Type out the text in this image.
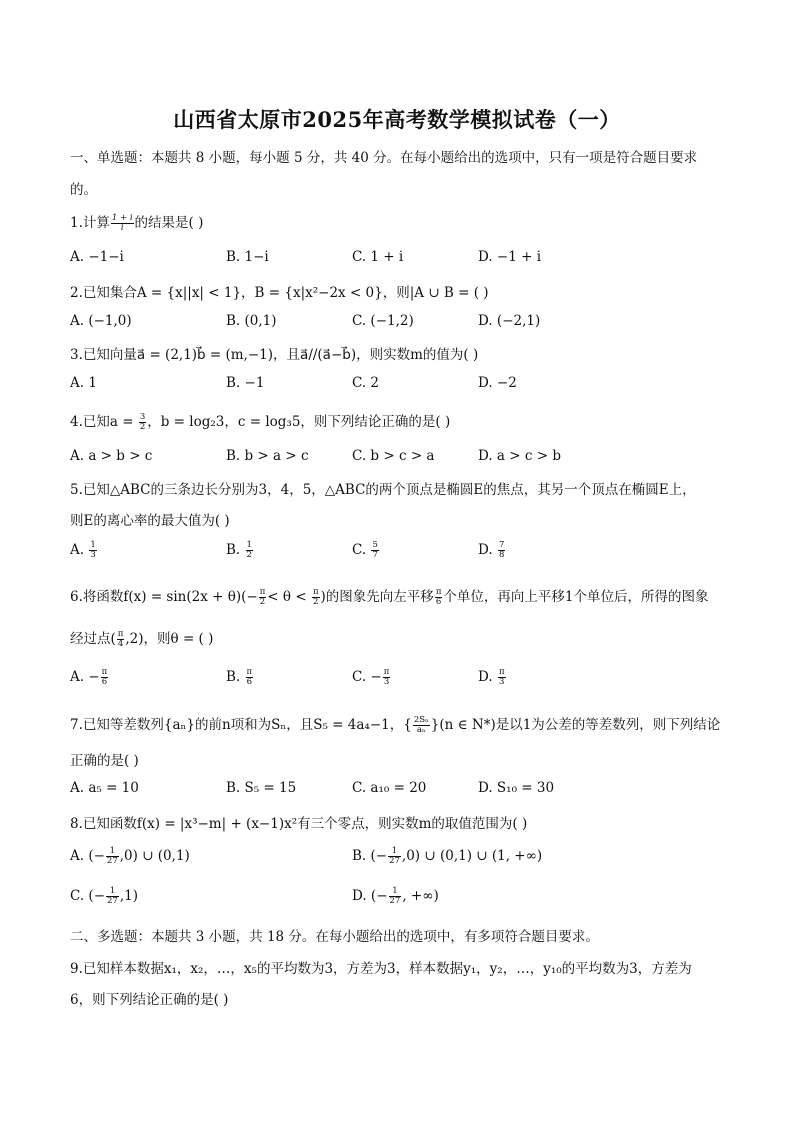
山西省太原市2025年高考数学模拟试卷（一）
一、单选题：本题共 8 小题，每小题 5 分，共 40 分。在每小题给出的选项中，只有一项是符合题目要求
的。
1.计算 $\frac{1 + i}{i}$ 的结果是( )
A. −1−i	B. 1−i	C. 1 + i	D. −1 + i
2.已知集合A = {x||x| < 1}，B = {x|x²−2x < 0}，则|A ∪ B = ( )
A. (−1,0)	B. (0,1)	C. (−1,2)	D. (−2,1)
3.已知向量a⃗ = (2,1)b⃗ = (m,−1)，且a⃗//(a⃗−b⃗)，则实数m的值为( )
A. 1	B. −1	C. 2	D. −2
4.已知$a = \frac{3}{2}$ ，b = log₂3，c = log₃5，则下列结论正确的是( )
A. a > b > c	B. b > a > c	C. b > c > a	D. a > c > b
5.已知△ABC的三条边长分别为3，4，5，△ABC的两个顶点是椭圆E的焦点，其另一个顶点在椭圆E上，
则E的离心率的最大值为( )
A. $\frac{1}{3}$	B. $\frac{1}{2}$	C. $\frac{5}{7}$	D. $\frac{7}{8}$
6.将函数$f(x) = \sin(2x + \theta)(- \frac{\pi}{2} < \theta < \frac{\pi}{2}$ )的图象先向左平移 $\frac{\pi}{6}$ 个单位，再向上平移1个单位后，所得的图象
经过点( $\frac{\pi}{4} ,2$)，则θ = ( )
A. − $\frac{\pi}{6}$	B. $\frac{\pi}{6}$	C. − $\frac{\pi}{3}$	D. $\frac{\pi}{3}$
7.已知等差数列{aₙ}的前n项和为Sₙ，且S₅ = 4a₄−1，{ $\frac{\text{2Sₙ}}{\text{aₙ}} \}(n$ ∈ N*)是以1为公差的等差数列，则下列结论
正确的是( )
A. a₅ = 10	B. S₅ = 15	C. a₁₀ = 20	D. S₁₀ = 30
8.已知函数f(x) = |x³−m| + (x−1)x²有三个零点，则实数m的取值范围为( )
A. (− $\frac{1}{27} ,0$) ∪ (0,1)	B. (− $\frac{1}{27} ,0$) ∪ (0,1) ∪ (1, +∞)
C. (− $\frac{1}{27} ,1$)	D. (− $\frac{1}{27}$ , +∞)
二、多选题：本题共 3 小题，共 18 分。在每小题给出的选项中，有多项符合题目要求。
9.已知样本数据x₁，x₂，…，x₅的平均数为3，方差为3，样本数据y₁，y₂，…，y₁₀的平均数为3，方差为
6，则下列结论正确的是( )
